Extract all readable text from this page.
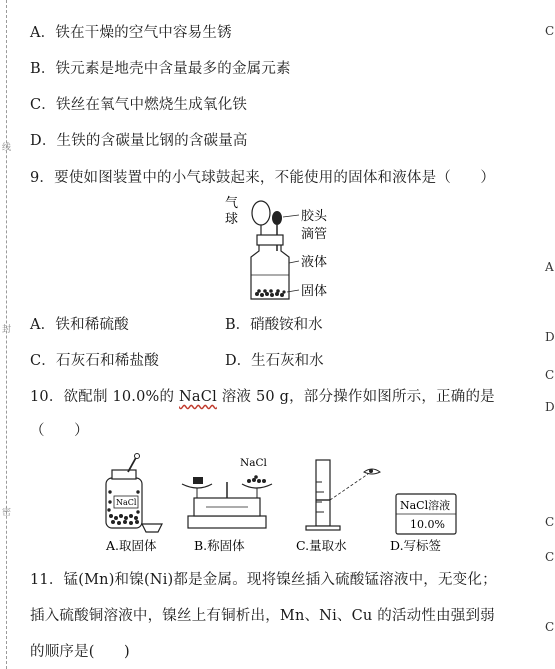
线
封
密
A．铁在干燥的空气中容易生锈
B．铁元素是地壳中含量最多的金属元素
C．铁丝在氧气中燃烧生成氧化铁
D．生铁的含碳量比钢的含碳量高
9．要使如图装置中的小气球鼓起来，不能使用的固体和液体是（　　）
气
球	胶头
滴管
液体
固体
A．铁和稀硫酸	B．硝酸铵和水
C．石灰石和稀盐酸	D．生石灰和水
10．欲配制 10.0%的 NaCl 溶液 50 g，部分操作如图所示，正确的是
（　　）
NaCl
A.取固体
NaCl
B.称固体	C.量取水
NaCl溶液
10.0%
D.写标签
11．锰(Mn)和镍(Ni)都是金属。现将镍丝插入硫酸锰溶液中，无变化；
插入硫酸铜溶液中，镍丝上有铜析出，Mn、Ni、Cu 的活动性由强到弱
的顺序是(　　)
C
A
D
C
D
C
C
C
